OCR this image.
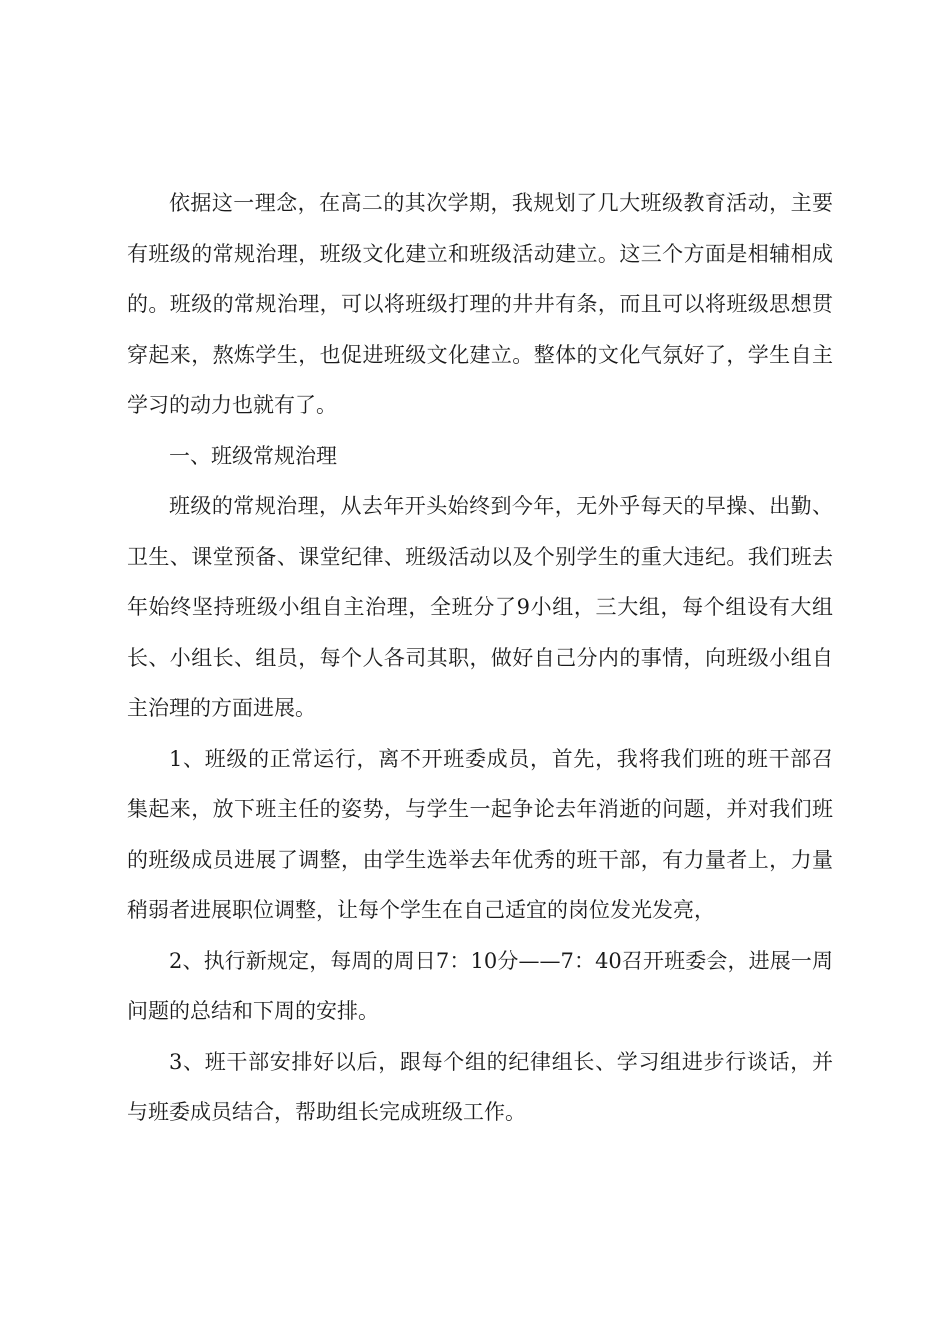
依据这一理念，在高二的其次学期，我规划了几大班级教育活动，主要有班级的常规治理，班级文化建立和班级活动建立。这三个方面是相辅相成的。班级的常规治理，可以将班级打理的井井有条，而且可以将班级思想贯穿起来，熬炼学生，也促进班级文化建立。整体的文化气氛好了，学生自主学习的动力也就有了。

一、班级常规治理

班级的常规治理，从去年开头始终到今年，无外乎每天的早操、出勤、卫生、课堂预备、课堂纪律、班级活动以及个别学生的重大违纪。我们班去年始终坚持班级小组自主治理，全班分了9小组，三大组，每个组设有大组长、小组长、组员，每个人各司其职，做好自己分内的事情，向班级小组自主治理的方面进展。

1、班级的正常运行，离不开班委成员，首先，我将我们班的班干部召集起来，放下班主任的姿势，与学生一起争论去年消逝的问题，并对我们班的班级成员进展了调整，由学生选举去年优秀的班干部，有力量者上，力量稍弱者进展职位调整，让每个学生在自己适宜的岗位发光发亮，

2、执行新规定，每周的周日7：10分——7：40召开班委会，进展一周问题的总结和下周的安排。

3、班干部安排好以后，跟每个组的纪律组长、学习组进步行谈话，并与班委成员结合，帮助组长完成班级工作。
